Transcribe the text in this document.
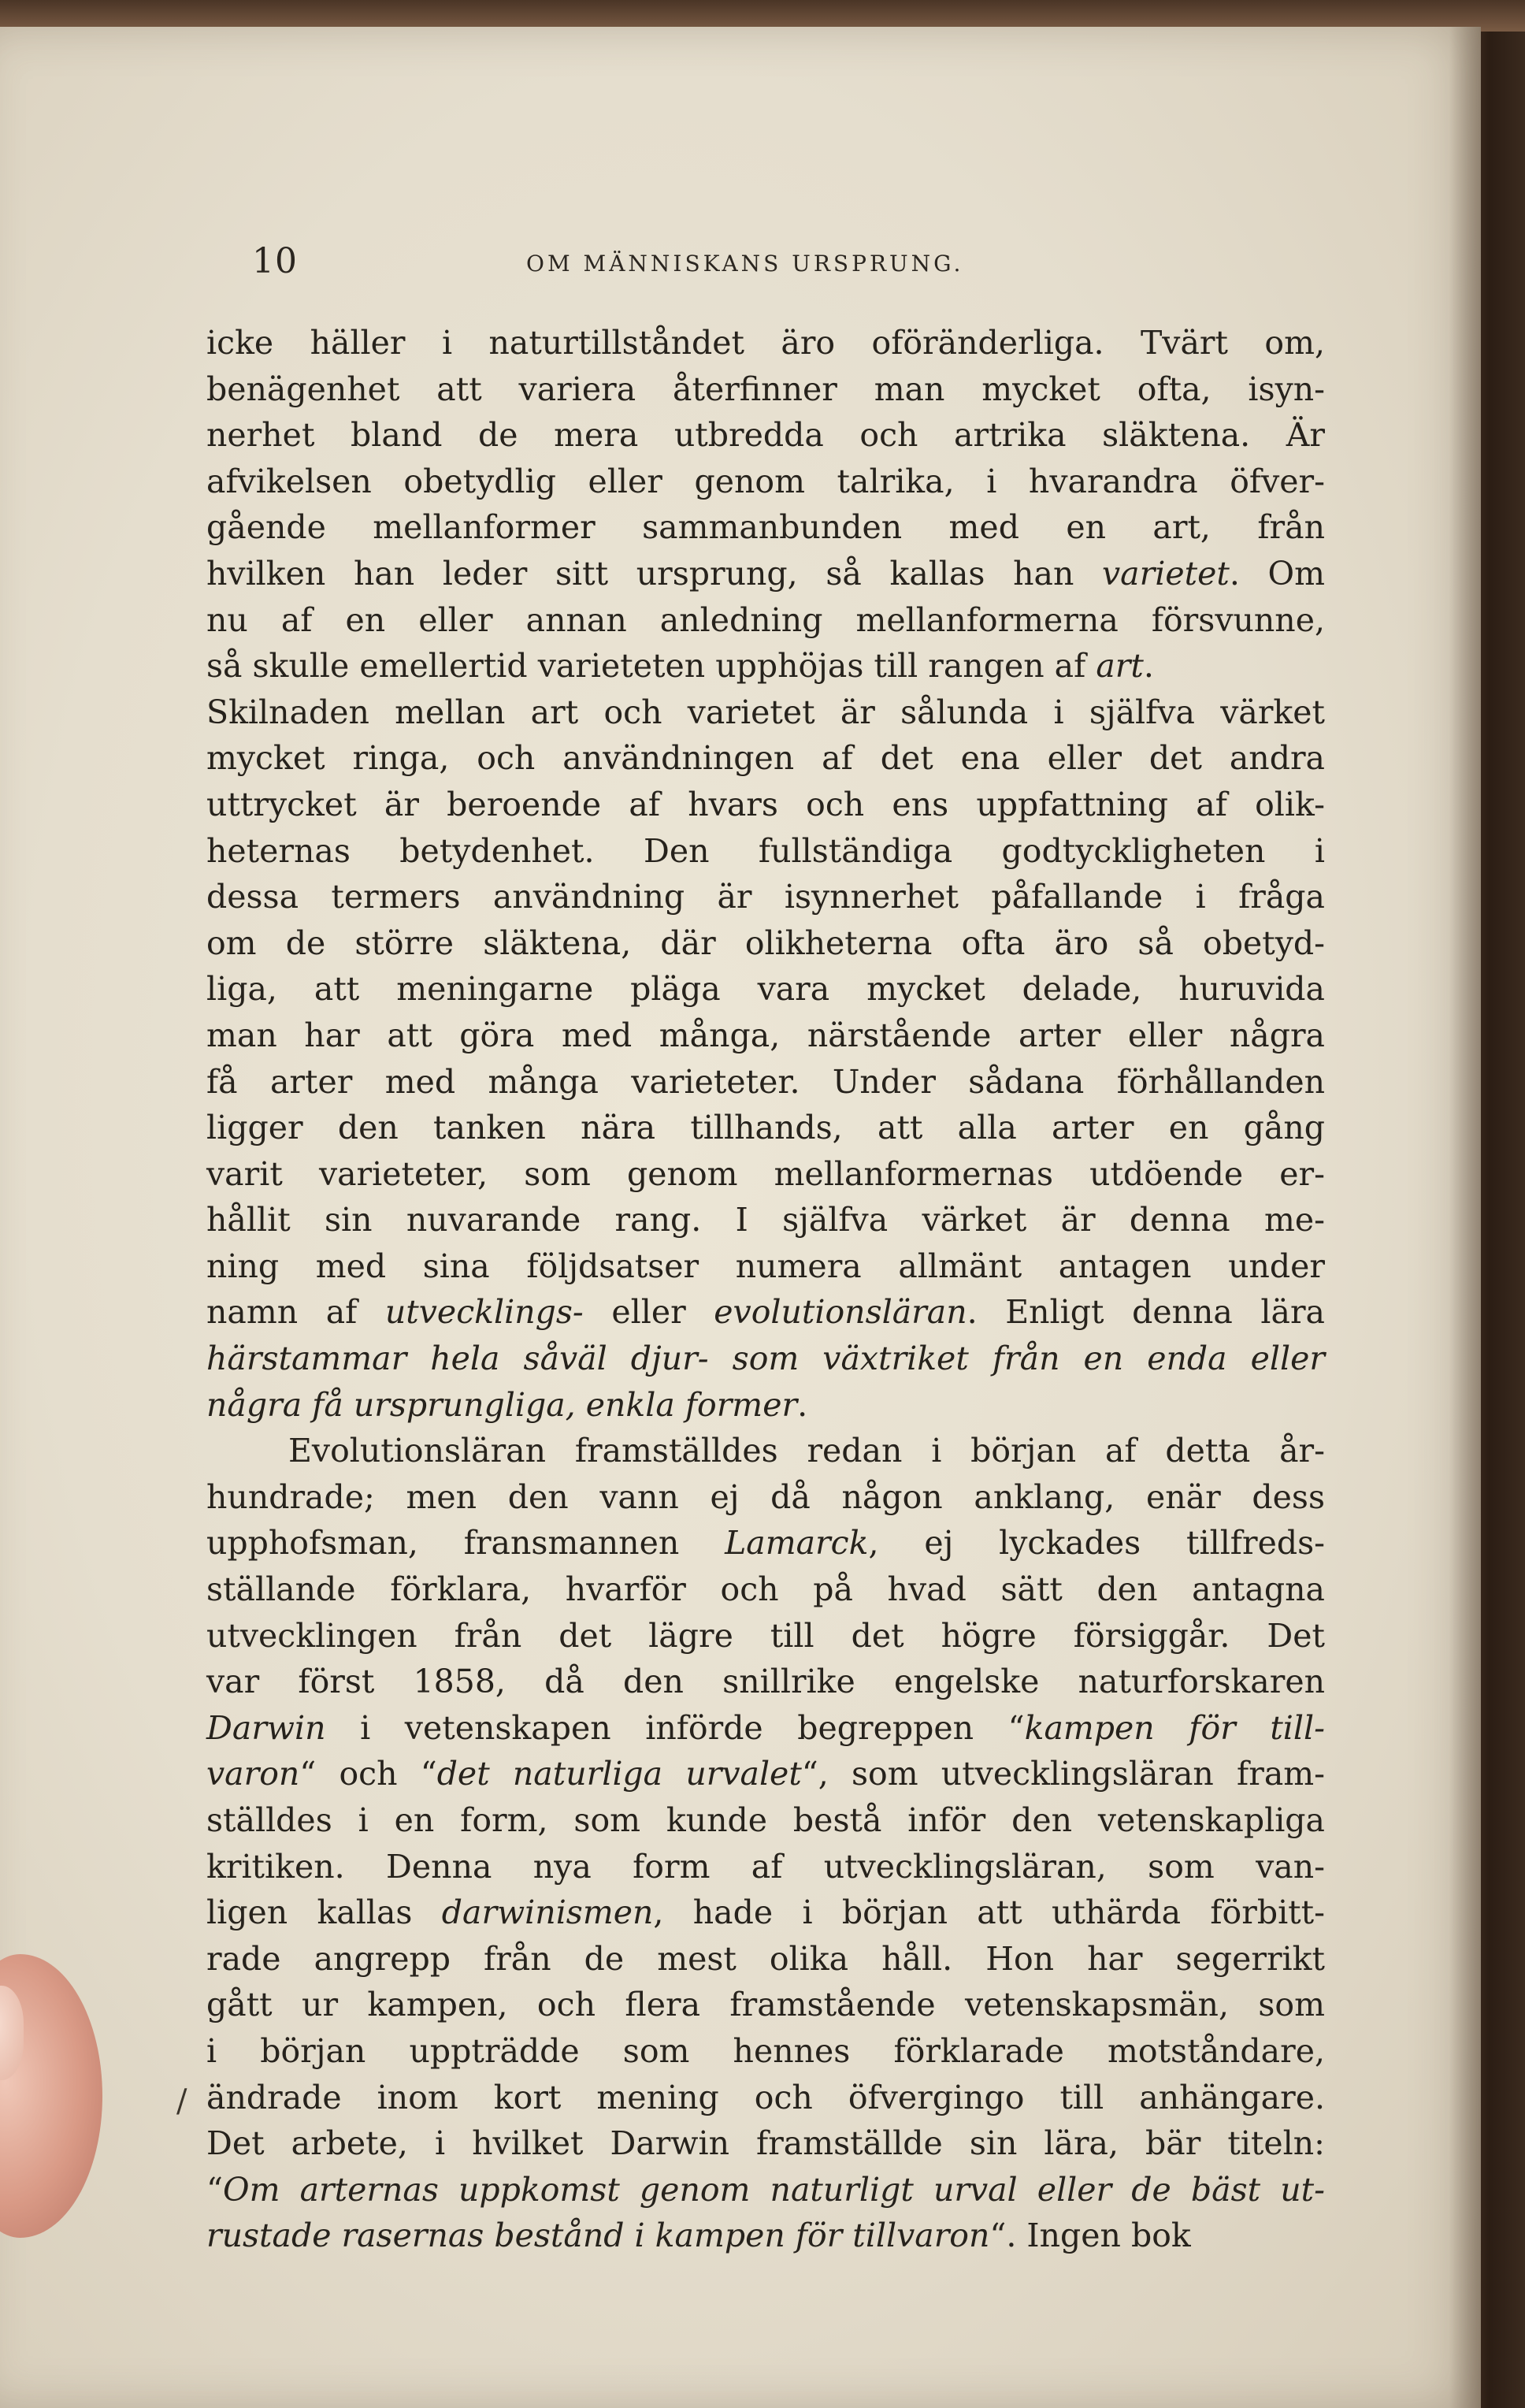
10	OM MÄNNISKANS URSPRUNG.
icke häller i naturtillståndet äro oföränderliga. Tvärt om,
benägenhet att variera återfinner man mycket ofta, isyn-
nerhet bland de mera utbredda och artrika släktena. Är
afvikelsen obetydlig eller genom talrika, i hvarandra öfver-
gående mellanformer sammanbunden med en art, från
hvilken han leder sitt ursprung, så kallas han varietet. Om
nu af en eller annan anledning mellanformerna försvunne,
så skulle emellertid varieteten upphöjas till rangen af art.
Skilnaden mellan art och varietet är sålunda i själfva värket
mycket ringa, och användningen af det ena eller det andra
uttrycket är beroende af hvars och ens uppfattning af olik-
heternas betydenhet. Den fullständiga godtyckligheten i
dessa termers användning är isynnerhet påfallande i fråga
om de större släktena, där olikheterna ofta äro så obetyd-
liga, att meningarne pläga vara mycket delade, huruvida
man har att göra med många, närstående arter eller några
få arter med många varieteter. Under sådana förhållanden
ligger den tanken nära tillhands, att alla arter en gång
varit varieteter, som genom mellanformernas utdöende er-
hållit sin nuvarande rang. I själfva värket är denna me-
ning med sina följdsatser numera allmänt antagen under
namn af utvecklings- eller evolutionsläran. Enligt denna lära
härstammar hela såväl djur- som växtriket från en enda eller
några få ursprungliga, enkla former.
Evolutionsläran framställdes redan i början af detta år-
hundrade; men den vann ej då någon anklang, enär dess
upphofsman, fransmannen Lamarck, ej lyckades tillfreds-
ställande förklara, hvarför och på hvad sätt den antagna
utvecklingen från det lägre till det högre försiggår. Det
var först 1858, då den snillrike engelske naturforskaren
Darwin i vetenskapen införde begreppen “kampen för till-
varon“ och “det naturliga urvalet“, som utvecklingsläran fram-
ställdes i en form, som kunde bestå inför den vetenskapliga
kritiken. Denna nya form af utvecklingsläran, som van-
ligen kallas darwinismen, hade i början att uthärda förbitt-
rade angrepp från de mest olika håll. Hon har segerrikt
gått ur kampen, och flera framstående vetenskapsmän, som
i början uppträdde som hennes förklarade motståndare,
ändrade inom kort mening och öfvergingo till anhängare.
Det arbete, i hvilket Darwin framställde sin lära, bär titeln:
“Om arternas uppkomst genom naturligt urval eller de bäst ut-
rustade rasernas bestånd i kampen för tillvaron“. Ingen bok
/
